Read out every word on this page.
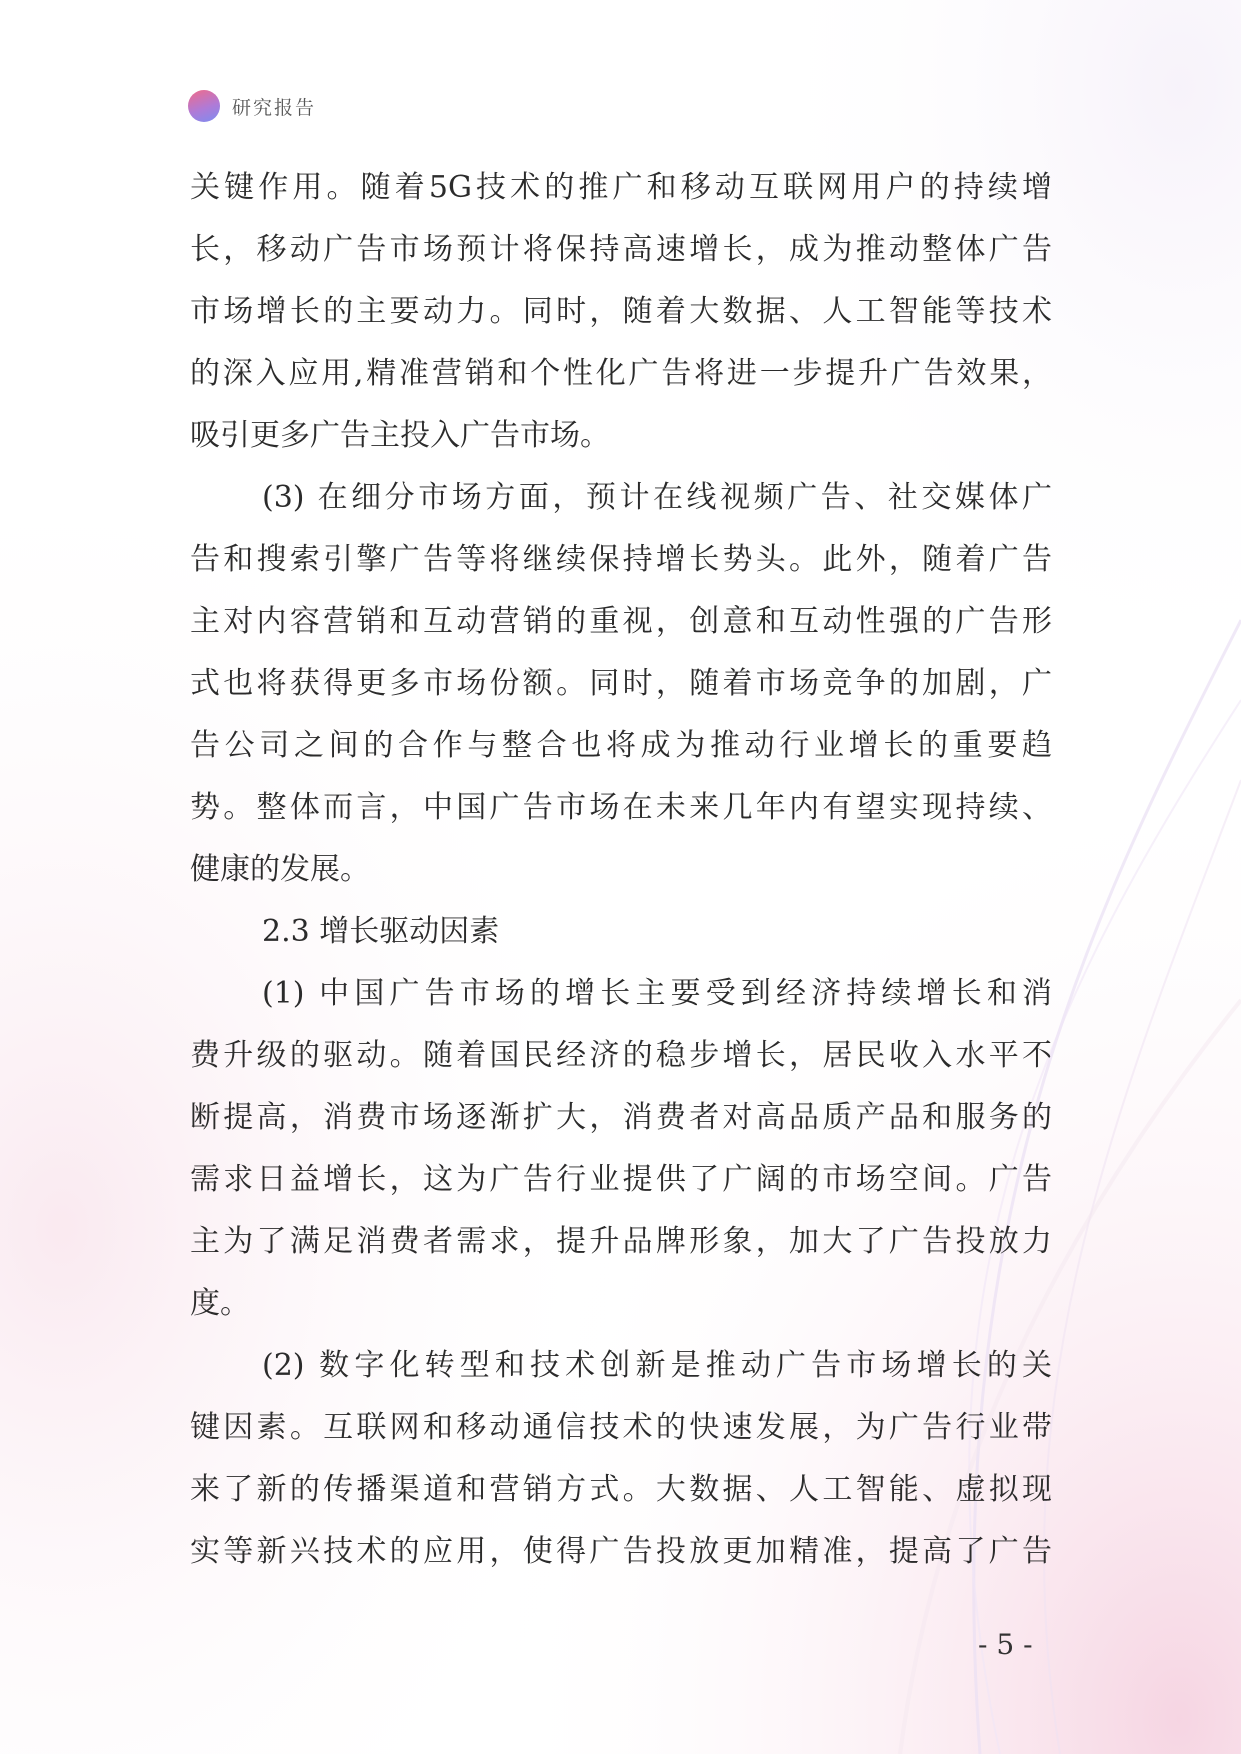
研究报告
关键作用。随着5G技术的推广和移动互联网用户的持续增
长，移动广告市场预计将保持高速增长，成为推动整体广告
市场增长的主要动力。同时，随着大数据、人工智能等技术
的深入应用,精准营销和个性化广告将进一步提升广告效果，
吸引更多广告主投入广告市场。
(3) 在细分市场方面，预计在线视频广告、社交媒体广
告和搜索引擎广告等将继续保持增长势头。此外，随着广告
主对内容营销和互动营销的重视，创意和互动性强的广告形
式也将获得更多市场份额。同时，随着市场竞争的加剧，广
告公司之间的合作与整合也将成为推动行业增长的重要趋
势。整体而言，中国广告市场在未来几年内有望实现持续、
健康的发展。
2.3 增长驱动因素
(1) 中国广告市场的增长主要受到经济持续增长和消
费升级的驱动。随着国民经济的稳步增长，居民收入水平不
断提高，消费市场逐渐扩大，消费者对高品质产品和服务的
需求日益增长，这为广告行业提供了广阔的市场空间。广告
主为了满足消费者需求，提升品牌形象，加大了广告投放力
度。
(2) 数字化转型和技术创新是推动广告市场增长的关
键因素。互联网和移动通信技术的快速发展，为广告行业带
来了新的传播渠道和营销方式。大数据、人工智能、虚拟现
实等新兴技术的应用，使得广告投放更加精准，提高了广告
- 5 -
